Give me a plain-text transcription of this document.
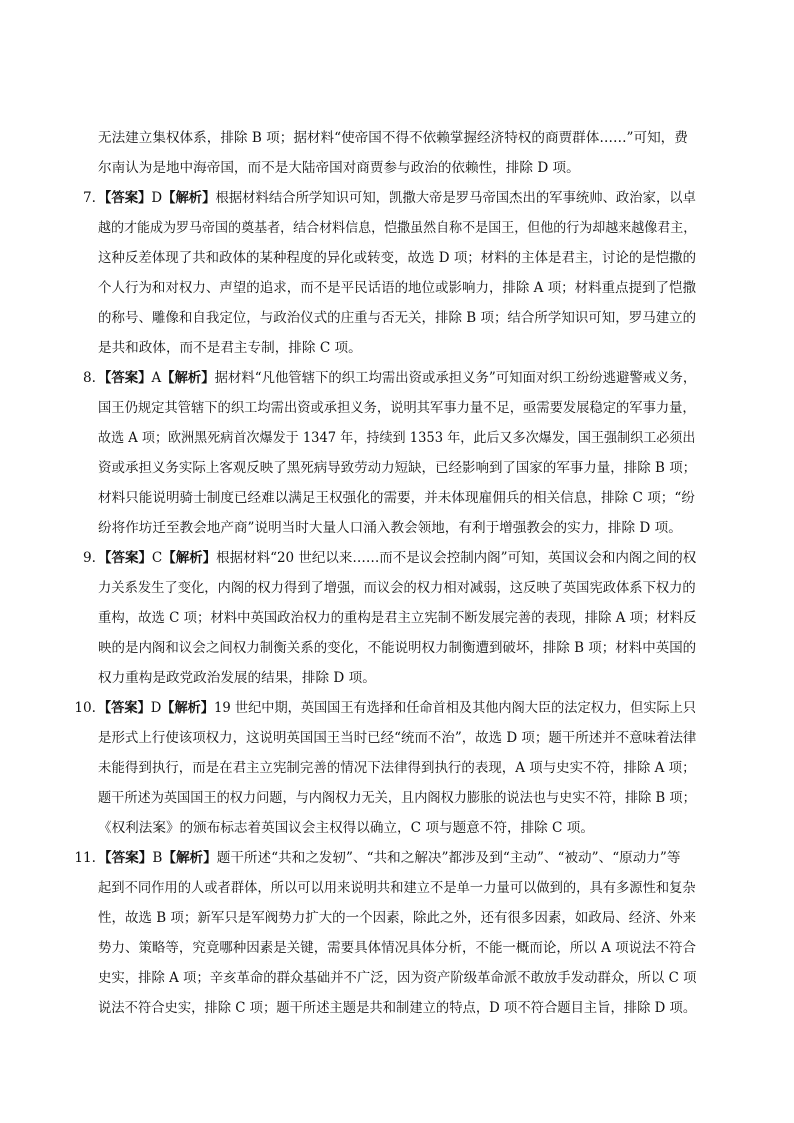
无法建立集权体系，排除 B 项；据材料“使帝国不得不依赖掌握经济特权的商贾群体……”可知，费
尔南认为是地中海帝国，而不是大陆帝国对商贾参与政治的依赖性，排除 D 项。
7. 【答案】D【解析】根据材料结合所学知识可知，凯撒大帝是罗马帝国杰出的军事统帅、政治家，以卓
越的才能成为罗马帝国的奠基者，结合材料信息，恺撒虽然自称不是国王，但他的行为却越来越像君主，
这种反差体现了共和政体的某种程度的异化或转变，故选 D 项；材料的主体是君主，讨论的是恺撒的
个人行为和对权力、声望的追求，而不是平民话语的地位或影响力，排除 A 项；材料重点提到了恺撒
的称号、雕像和自我定位，与政治仪式的庄重与否无关，排除 B 项；结合所学知识可知，罗马建立的
是共和政体，而不是君主专制，排除 C 项。
8. 【答案】A【解析】据材料“凡他管辖下的织工均需出资或承担义务”可知面对织工纷纷逃避警戒义务，
国王仍规定其管辖下的织工均需出资或承担义务，说明其军事力量不足，亟需要发展稳定的军事力量，
故选 A 项；欧洲黑死病首次爆发于 1347 年，持续到 1353 年，此后又多次爆发，国王强制织工必须出
资或承担义务实际上客观反映了黑死病导致劳动力短缺，已经影响到了国家的军事力量，排除 B 项；
材料只能说明骑士制度已经难以满足王权强化的需要，并未体现雇佣兵的相关信息，排除 C 项；“纷
纷将作坊迁至教会地产商”说明当时大量人口涌入教会领地，有利于增强教会的实力，排除 D 项。
9. 【答案】C【解析】根据材料“20 世纪以来……而不是议会控制内阁”可知，英国议会和内阁之间的权
力关系发生了变化，内阁的权力得到了增强，而议会的权力相对减弱，这反映了英国宪政体系下权力的
重构，故选 C 项；材料中英国政治权力的重构是君主立宪制不断发展完善的表现，排除 A 项；材料反
映的是内阁和议会之间权力制衡关系的变化，不能说明权力制衡遭到破坏，排除 B 项；材料中英国的
权力重构是政党政治发展的结果，排除 D 项。
10. 【答案】D【解析】19 世纪中期，英国国王有选择和任命首相及其他内阁大臣的法定权力，但实际上只
是形式上行使该项权力，这说明英国国王当时已经“统而不治”，故选 D 项；题干所述并不意味着法律
未能得到执行，而是在君主立宪制完善的情况下法律得到执行的表现，A 项与史实不符，排除 A 项；
题干所述为英国国王的权力问题，与内阁权力无关，且内阁权力膨胀的说法也与史实不符，排除 B 项；
《权利法案》的颁布标志着英国议会主权得以确立，C 项与题意不符，排除 C 项。
11. 【答案】B【解析】题干所述“共和之发轫”、“共和之解决”都涉及到“主动”、“被动”、“原动力”等
起到不同作用的人或者群体，所以可以用来说明共和建立不是单一力量可以做到的，具有多源性和复杂
性，故选 B 项；新军只是军阀势力扩大的一个因素，除此之外，还有很多因素，如政局、经济、外来
势力、策略等，究竟哪种因素是关键，需要具体情况具体分析，不能一概而论，所以 A 项说法不符合
史实，排除 A 项；辛亥革命的群众基础并不广泛，因为资产阶级革命派不敢放手发动群众，所以 C 项
说法不符合史实，排除 C 项；题干所述主题是共和制建立的特点，D 项不符合题目主旨，排除 D 项。
